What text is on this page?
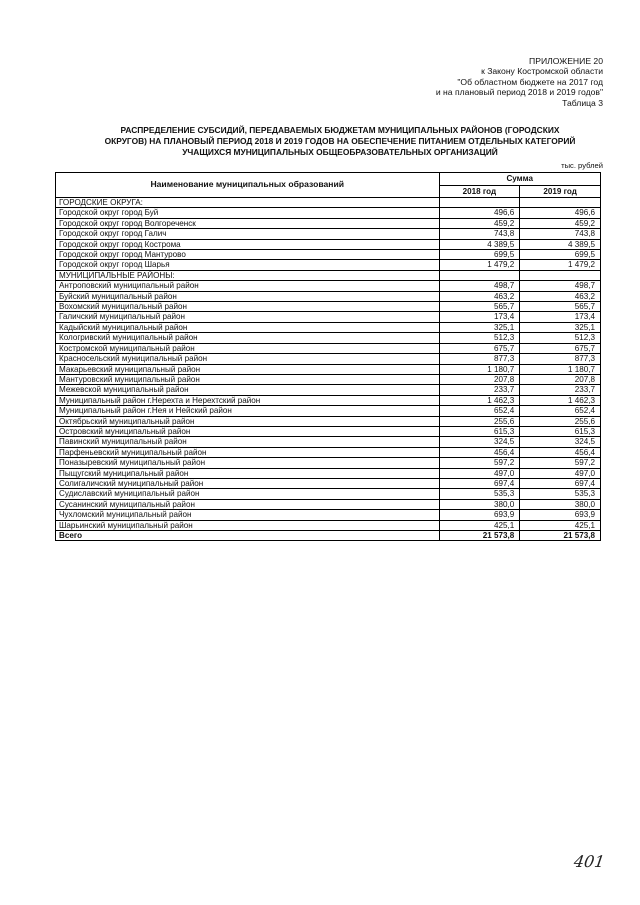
ПРИЛОЖЕНИЕ 20
к Закону Костромской области
"Об областном бюджете на 2017 год
и на плановый период 2018 и 2019 годов"
Таблица 3
РАСПРЕДЕЛЕНИЕ СУБСИДИЙ, ПЕРЕДАВАЕМЫХ БЮДЖЕТАМ МУНИЦИПАЛЬНЫХ РАЙОНОВ (ГОРОДСКИХ
ОКРУГОВ) НА ПЛАНОВЫЙ ПЕРИОД 2018 И 2019 ГОДОВ НА ОБЕСПЕЧЕНИЕ ПИТАНИЕМ ОТДЕЛЬНЫХ КАТЕГОРИЙ
УЧАЩИХСЯ МУНИЦИПАЛЬНЫХ ОБЩЕОБРАЗОВАТЕЛЬНЫХ ОРГАНИЗАЦИЙ
тыс. рублей
Наименование муниципальных образований	Сумма	
	2018 год	2019 год
ГОРОДСКИЕ ОКРУГА:		
Городской округ город Буй	496,6	496,6
Городской округ город Волгореченск	459,2	459,2
Городской округ город Галич	743,8	743,8
Городской округ город Кострома	4 389,5	4 389,5
Городской округ город Мантурово	699,5	699,5
Городской округ город Шарья	1 479,2	1 479,2
МУНИЦИПАЛЬНЫЕ РАЙОНЫ:		
Антроповский муниципальный район	498,7	498,7
Буйский муниципальный район	463,2	463,2
Вохомский муниципальный район	565,7	565,7
Галичский муниципальный район	173,4	173,4
Кадыйский муниципальный район	325,1	325,1
Кологривский муниципальный район	512,3	512,3
Костромской муниципальный район	675,7	675,7
Красносельский муниципальный район	877,3	877,3
Макарьевский муниципальный район	1 180,7	1 180,7
Мантуровский муниципальный район	207,8	207,8
Межевской муниципальный район	233,7	233,7
Муниципальный район г.Нерехта и Нерехтский район	1 462,3	1 462,3
Муниципальный район г.Нея и Нейский район	652,4	652,4
Октябрьский муниципальный район	255,6	255,6
Островский муниципальный район	615,3	615,3
Павинский муниципальный район	324,5	324,5
Парфеньевский муниципальный район	456,4	456,4
Поназыревский муниципальный район	597,2	597,2
Пыщугский муниципальный район	497,0	497,0
Солигаличский муниципальный район	697,4	697,4
Судиславский муниципальный район	535,3	535,3
Сусанинский муниципальный район	380,0	380,0
Чухломский муниципальный район	693,9	693,9
Шарьинский муниципальный район	425,1	425,1
Всего	21 573,8	21 573,8
401
